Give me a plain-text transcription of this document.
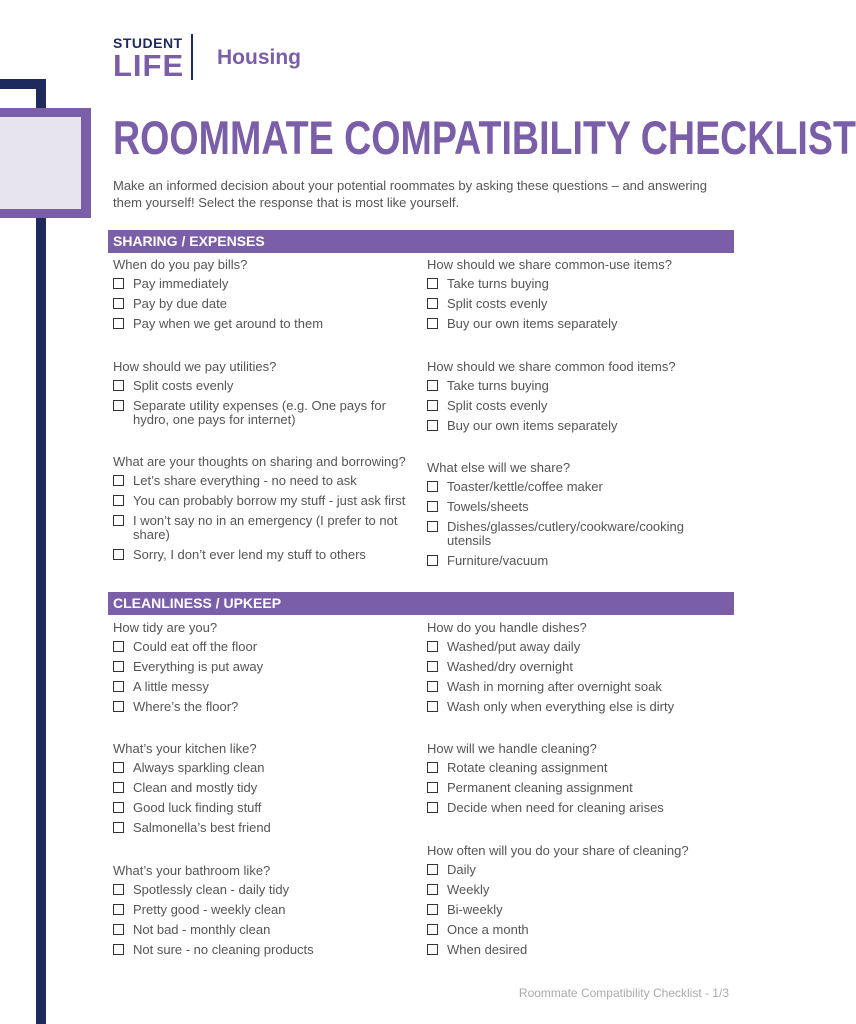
STUDENT
LIFE Housing
ROOMMATE COMPATIBILITY CHECKLIST
Make an informed decision about your potential roommates by asking these questions – and answering them yourself! Select the response that is most like yourself.
SHARING / EXPENSES
When do you pay bills?
Pay immediately
Pay by due date
Pay when we get around to them
How should we share common-use items?
Take turns buying
Split costs evenly
Buy our own items separately
How should we pay utilities?
Split costs evenly
Separate utility expenses (e.g. One pays for hydro, one pays for internet)
How should we share common food items?
Take turns buying
Split costs evenly
Buy our own items separately
What are your thoughts on sharing and borrowing?
Let’s share everything - no need to ask
You can probably borrow my stuff - just ask first
I won’t say no in an emergency (I prefer to not share)
Sorry, I don’t ever lend my stuff to others
What else will we share?
Toaster/kettle/coffee maker
Towels/sheets
Dishes/glasses/cutlery/cookware/cooking utensils
Furniture/vacuum
CLEANLINESS / UPKEEP
How tidy are you?
Could eat off the floor
Everything is put away
A little messy
Where’s the floor?
How do you handle dishes?
Washed/put away daily
Washed/dry overnight
Wash in morning after overnight soak
Wash only when everything else is dirty
What’s your kitchen like?
Always sparkling clean
Clean and mostly tidy
Good luck finding stuff
Salmonella’s best friend
How will we handle cleaning?
Rotate cleaning assignment
Permanent cleaning assignment
Decide when need for cleaning arises
What’s your bathroom like?
Spotlessly clean - daily tidy
Pretty good - weekly clean
Not bad - monthly clean
Not sure - no cleaning products
How often will you do your share of cleaning?
Daily
Weekly
Bi-weekly
Once a month
When desired
Roommate Compatibility Checklist - 1/3
